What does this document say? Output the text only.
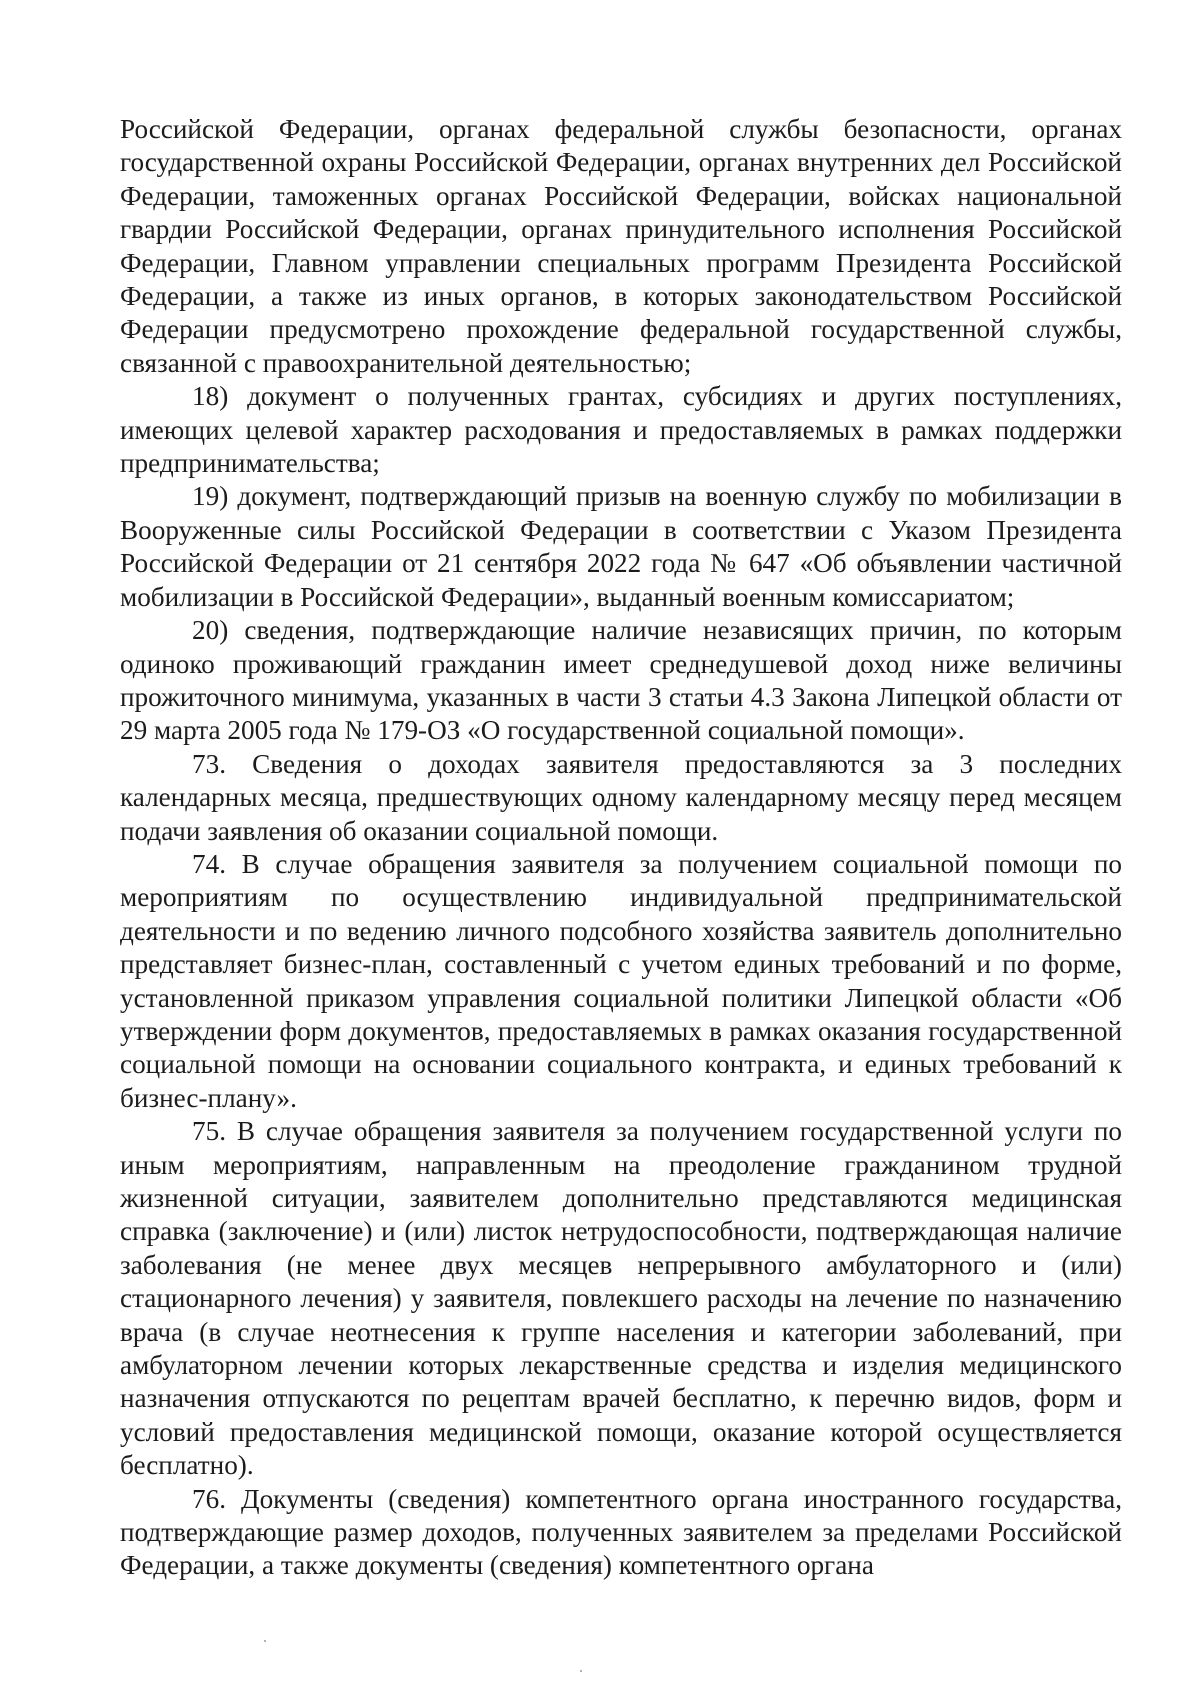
Российской Федерации, органах федеральной службы безопасности, органах государственной охраны Российской Федерации, органах внутренних дел Российской Федерации, таможенных органах Российской Федерации, войсках национальной гвардии Российской Федерации, органах принудительного исполнения Российской Федерации, Главном управлении специальных программ Президента Российской Федерации, а также из иных органов, в которых законодательством Российской Федерации предусмотрено прохождение федеральной государственной службы, связанной с правоохранительной деятельностью;

18) документ о полученных грантах, субсидиях и других поступлениях, имеющих целевой характер расходования и предоставляемых в рамках поддержки предпринимательства;

19) документ, подтверждающий призыв на военную службу по мобилизации в Вооруженные силы Российской Федерации в соответствии с Указом Президента Российской Федерации от 21 сентября 2022 года № 647 «Об объявлении частичной мобилизации в Российской Федерации», выданный военным комиссариатом;

20) сведения, подтверждающие наличие независящих причин, по которым одиноко проживающий гражданин имеет среднедушевой доход ниже величины прожиточного минимума, указанных в части 3 статьи 4.3 Закона Липецкой области от 29 марта 2005 года № 179-ОЗ «О государственной социальной помощи».

73. Сведения о доходах заявителя предоставляются за 3 последних календарных месяца, предшествующих одному календарному месяцу перед месяцем подачи заявления об оказании социальной помощи.

74. В случае обращения заявителя за получением социальной помощи по мероприятиям по осуществлению индивидуальной предпринимательской деятельности и по ведению личного подсобного хозяйства заявитель дополнительно представляет бизнес-план, составленный с учетом единых требований и по форме, установленной приказом управления социальной политики Липецкой области «Об утверждении форм документов, предоставляемых в рамках оказания государственной социальной помощи на основании социального контракта, и единых требований к бизнес-плану».

75. В случае обращения заявителя за получением государственной услуги по иным мероприятиям, направленным на преодоление гражданином трудной жизненной ситуации, заявителем дополнительно представляются медицинская справка (заключение) и (или) листок нетрудоспособности, подтверждающая наличие заболевания (не менее двух месяцев непрерывного амбулаторного и (или) стационарного лечения) у заявителя, повлекшего расходы на лечение по назначению врача (в случае неотнесения к группе населения и категории заболеваний, при амбулаторном лечении которых лекарственные средства и изделия медицинского назначения отпускаются по рецептам врачей бесплатно, к перечню видов, форм и условий предоставления медицинской помощи, оказание которой осуществляется бесплатно).

76. Документы (сведения) компетентного органа иностранного государства, подтверждающие размер доходов, полученных заявителем за пределами Российской Федерации, а также документы (сведения) компетентного органа
